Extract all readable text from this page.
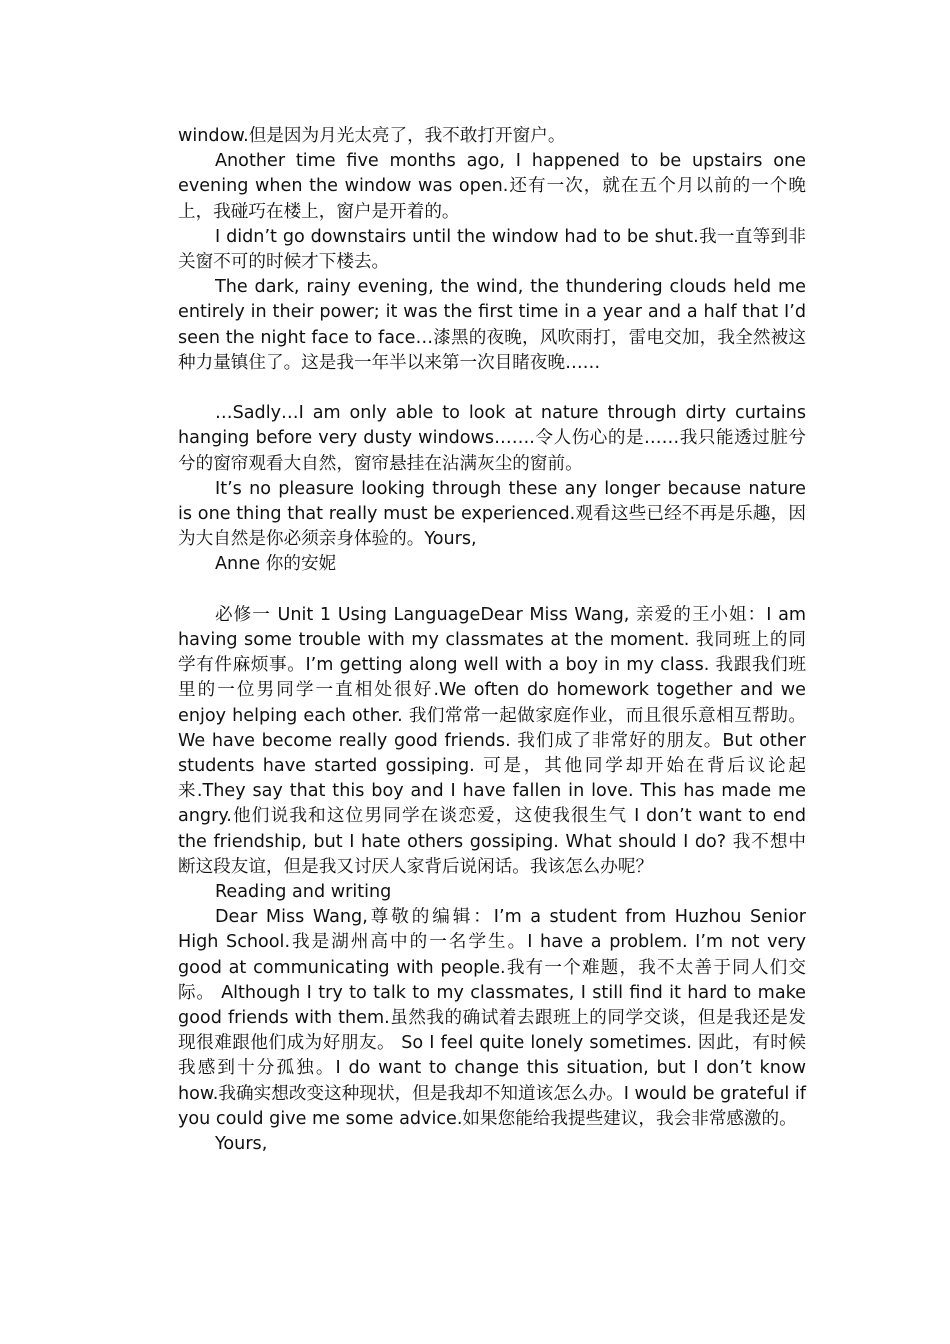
window.但是因为月光太亮了，我不敢打开窗户。

Another time five months ago, I happened to be upstairs one evening when the window was open.还有一次，就在五个月以前的一个晚上，我碰巧在楼上，窗户是开着的。

I didn’t go downstairs until the window had to be shut.我一直等到非关窗不可的时候才下楼去。

The dark, rainy evening, the wind, the thundering clouds held me entirely in their power; it was the first time in a year and a half that I’d seen the night face to face…漆黑的夜晚，风吹雨打，雷电交加，我全然被这种力量镇住了。这是我一年半以来第一次目睹夜晚……

…Sadly…I am only able to look at nature through dirty curtains hanging before very dusty windows…….令人伤心的是……我只能透过脏兮兮的窗帘观看大自然，窗帘悬挂在沾满灰尘的窗前。

It’s no pleasure looking through these any longer because nature is one thing that really must be experienced.观看这些已经不再是乐趣，因为大自然是你必须亲身体验的。Yours,

Anne 你的安妮

必修一 Unit 1 Using LanguageDear Miss Wang, 亲爱的王小姐：I am having some trouble with my classmates at the moment. 我同班上的同学有件麻烦事。I’m getting along well with a boy in my class. 我跟我们班里的一位男同学一直相处很好.We often do homework together and we enjoy helping each other. 我们常常一起做家庭作业，而且很乐意相互帮助。We have become really good friends. 我们成了非常好的朋友。But other students have started gossiping. 可是，其他同学却开始在背后议论起来.They say that this boy and I have fallen in love. This has made me angry.他们说我和这位男同学在谈恋爱，这使我很生气 I don’t want to end the friendship, but I hate others gossiping. What should I do? 我不想中断这段友谊，但是我又讨厌人家背后说闲话。我该怎么办呢？

Reading and writing

Dear Miss Wang,尊敬的编辑：I’m a student from Huzhou Senior High School.我是湖州高中的一名学生。I have a problem. I’m not very good at communicating with people.我有一个难题，我不太善于同人们交际。 Although I try to talk to my classmates, I still find it hard to make good friends with them.虽然我的确试着去跟班上的同学交谈，但是我还是发现很难跟他们成为好朋友。 So I feel quite lonely sometimes. 因此，有时候我感到十分孤独。I do want to change this situation, but I don’t know how.我确实想改变这种现状，但是我却不知道该怎么办。I would be grateful if you could give me some advice.如果您能给我提些建议，我会非常感激的。

Yours,
